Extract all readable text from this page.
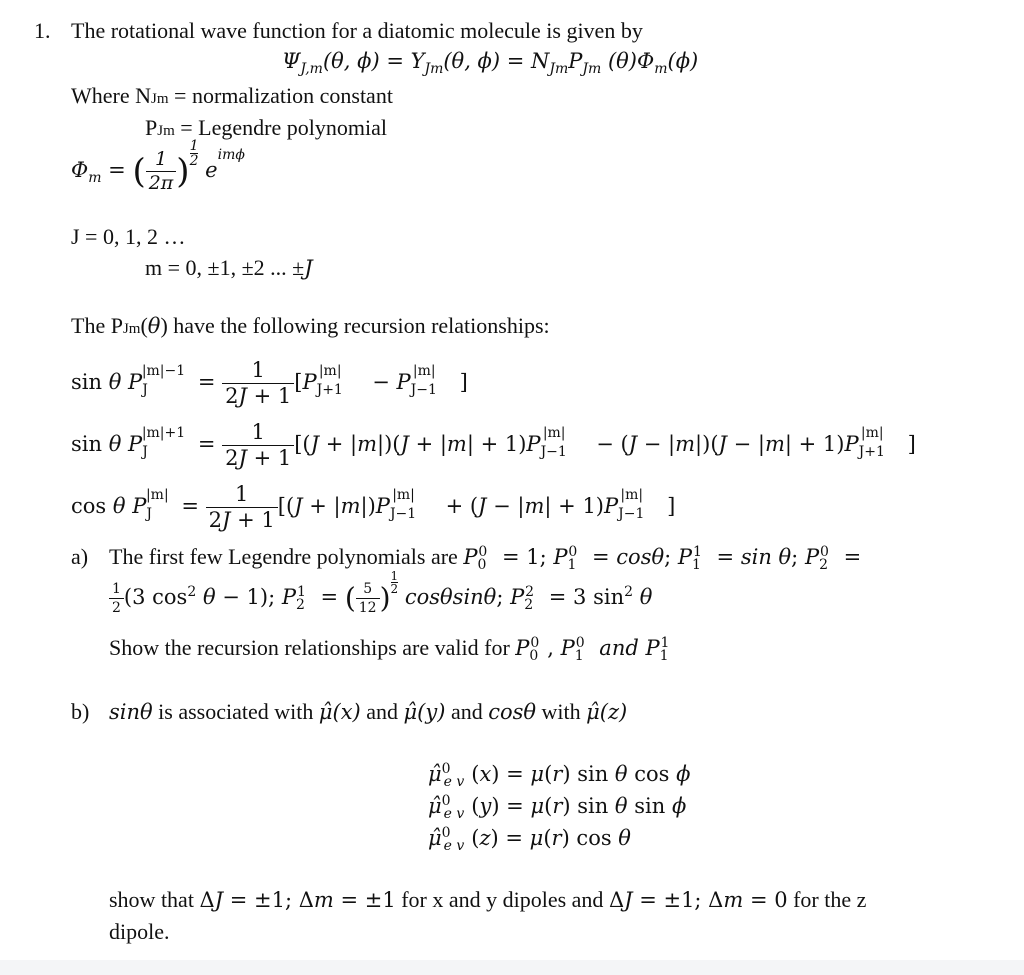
1. The rotational wave function for a diatomic molecule is given by
$\Psi_{J,m}(\theta$, $\phi) = Y_{Jm}(\theta$, $\phi) = N_{Jm}P_{Jm}$ $(\theta)\Phi_m(\phi)$
Where NJm = normalization constant
PJm = Legendre polynomial
$\Phi_m$ = ( $\frac{1}{2\pi}$ ) $\frac{1}{2}$
$e^{im\phi}$
J = 0, 1, 2 …
m = 0, ±1, ±2 ... ±J
The PJm(θ) have the following recursion relationships:
sin θ $P_J^{|m|-1} = \frac{1}{2J + 1} [P_{J+1}^{|m|} - P_{J-1}^{|m|}$ ]
sin θ $P_J^{|m|+1} = \frac{1}{2J + 1} [(J + |m|)(J + |m| + 1)P_{J-1}^{|m|} - (J - |m|)(J - |m| + 1)P_{J+1}^{|m|}$ ]
cos θ $P_J^{|m|} = \frac{1}{2J + 1} [(J + |m|)P_{J-1}^{|m|} + (J - |m| + 1)P_{J-1}^{|m|}$ ]
a) The first few Legendre polynomials are $P_0^0 = 1$; $P_1^0 = \cos\theta$; $P_1^1 = \sin \theta$; $P_2^0$ =
$\frac{1}{2} (3$ $\cos^2 \theta - 1$); $P_2^1$ = ( $\frac{5}{12}$ ) $\frac{1}{2}$
cosθsinθ; $P_2^2 = 3$ $\sin^2 \theta$
Show the recursion relationships are valid for $P_0^0$ , $P_1^0$ and $P_1^1$
b) sinθ is associated with μ̂(x) and μ̂(y) and cosθ with μ̂(z)
μ̂$^0_{e v}$ (x) = μ(r) sin θ cos ϕ
μ̂$^0_{e v}$ (y) = μ(r) sin θ sin ϕ
μ̂$^0_{e v}$ (z) = μ(r) cos θ
show that ΔJ = ±1; Δm = ±1 for x and y dipoles and ΔJ = ±1; Δm = 0 for the z
dipole.
